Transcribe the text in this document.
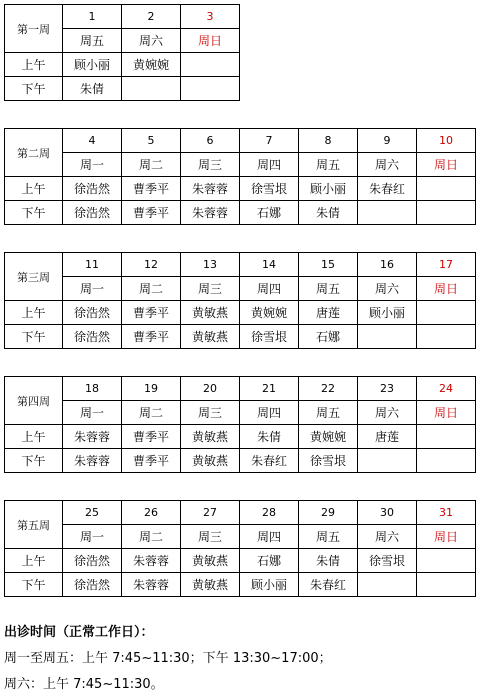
第一周	1	2	3
	周五	周六	周日
上午	顾小丽	黄婉婉	
下午	朱倩		
第二周	4	5	6	7	8	9	10
	周一	周二	周三	周四	周五	周六	周日
上午	徐浩然	曹季平	朱蓉蓉	徐雪垠	顾小丽	朱春红	
下午	徐浩然	曹季平	朱蓉蓉	石娜	朱倩		
第三周	11	12	13	14	15	16	17
	周一	周二	周三	周四	周五	周六	周日
上午	徐浩然	曹季平	黄敏燕	黄婉婉	唐莲	顾小丽	
下午	徐浩然	曹季平	黄敏燕	徐雪垠	石娜		
第四周	18	19	20	21	22	23	24
	周一	周二	周三	周四	周五	周六	周日
上午	朱蓉蓉	曹季平	黄敏燕	朱倩	黄婉婉	唐莲	
下午	朱蓉蓉	曹季平	黄敏燕	朱春红	徐雪垠		
第五周	25	26	27	28	29	30	31
	周一	周二	周三	周四	周五	周六	周日
上午	徐浩然	朱蓉蓉	黄敏燕	石娜	朱倩	徐雪垠	
下午	徐浩然	朱蓉蓉	黄敏燕	顾小丽	朱春红		
出诊时间（正常工作日）：
周一至周五：上午 7:45~11:30；下午 13:30~17:00；
周六：上午 7:45~11:30。
